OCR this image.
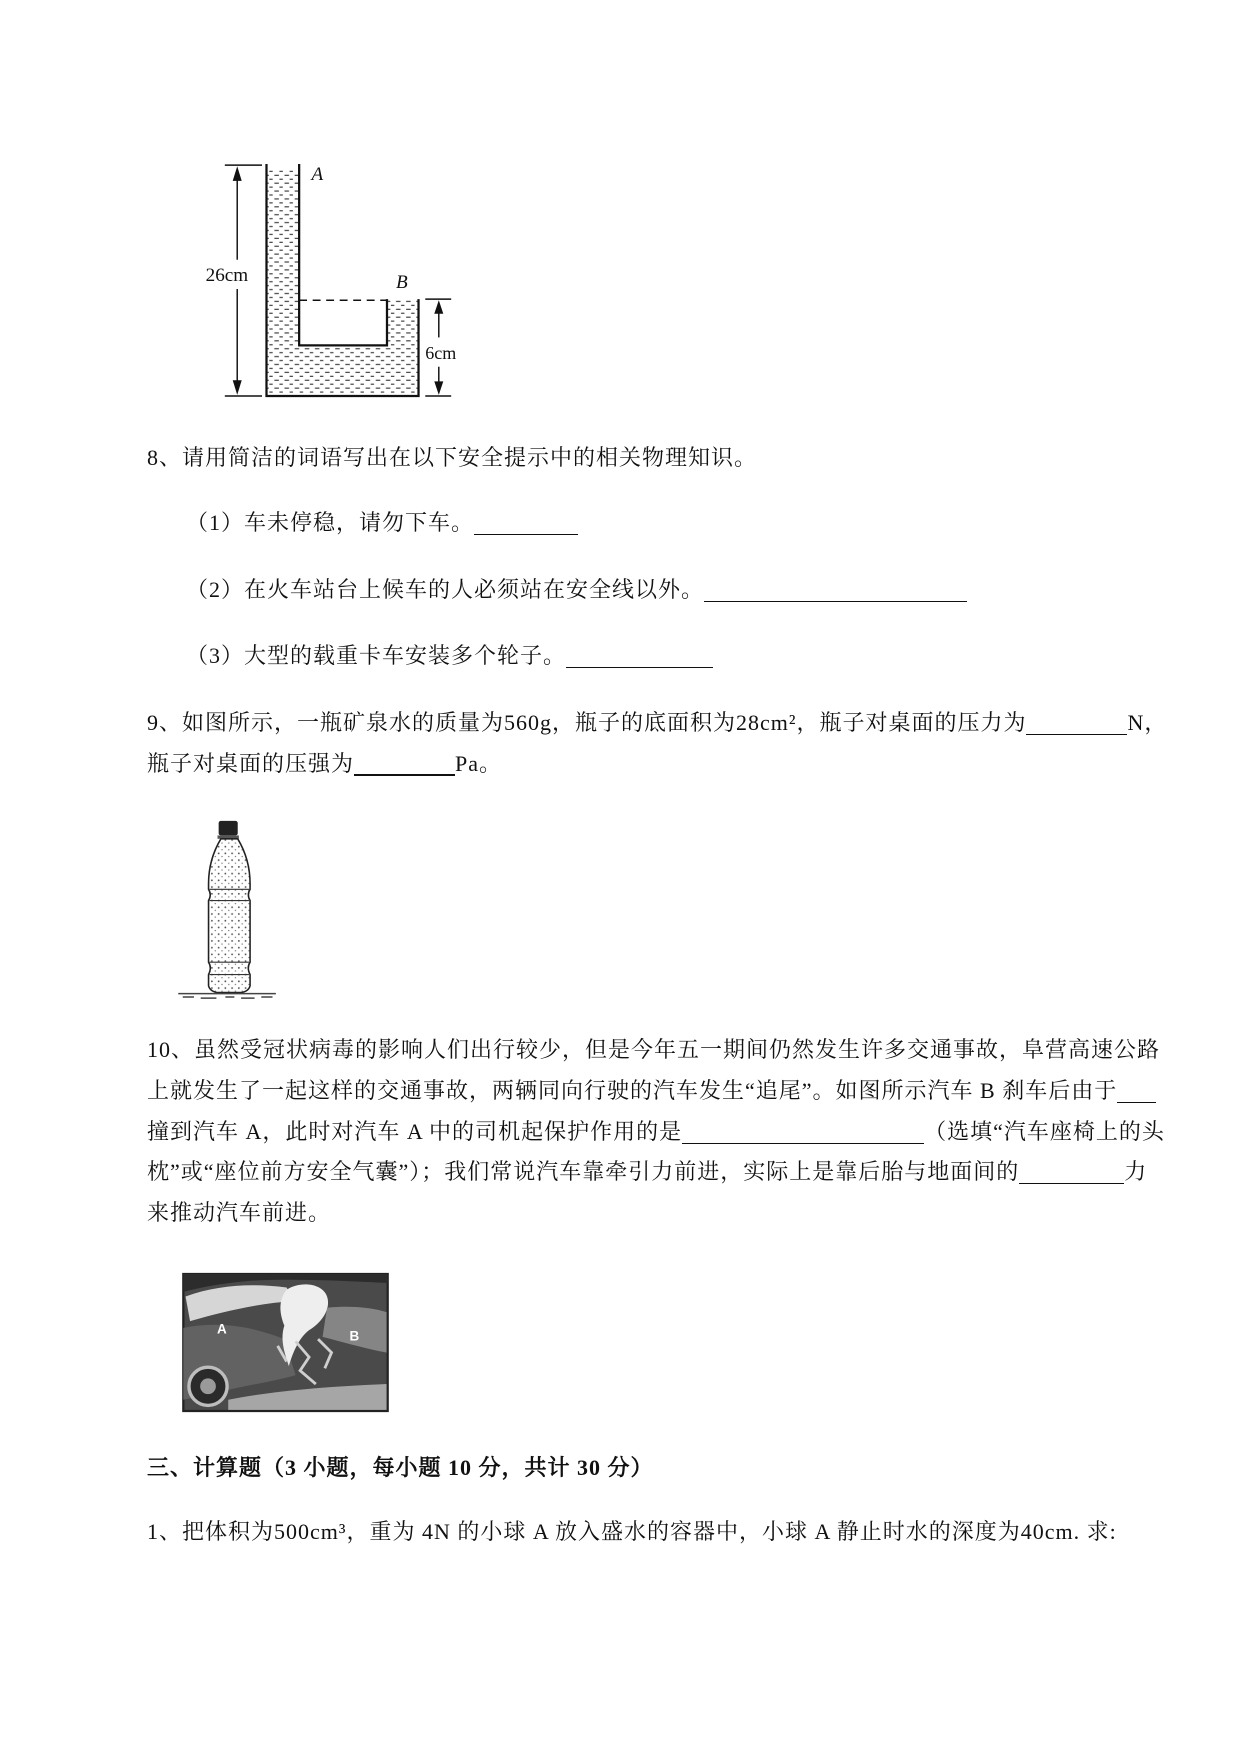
26cm
6cm
A
B
8、请用简洁的词语写出在以下安全提示中的相关物理知识。
（1）车未停稳，请勿下车。
（2）在火车站台上候车的人必须站在安全线以外。
（3）大型的载重卡车安装多个轮子。
9、如图所示，一瓶矿泉水的质量为560g，瓶子的底面积为28cm²，瓶子对桌面的压力为	N，
瓶子对桌面的压强为	Pa。
10、虽然受冠状病毒的影响人们出行较少，但是今年五一期间仍然发生许多交通事故，阜营高速公路
上就发生了一起这样的交通事故，两辆同向行驶的汽车发生“追尾”。如图所示汽车 B 刹车后由于
撞到汽车 A，此时对汽车 A 中的司机起保护作用的是	（选填“汽车座椅上的头
枕”或“座位前方安全气囊”）；我们常说汽车靠牵引力前进，实际上是靠后胎与地面间的	力
来推动汽车前进。
A	B
三、计算题（3 小题，每小题 10 分，共计 30 分）
1、把体积为500cm³，重为 4N 的小球 A 放入盛水的容器中，小球 A 静止时水的深度为40cm. 求:
